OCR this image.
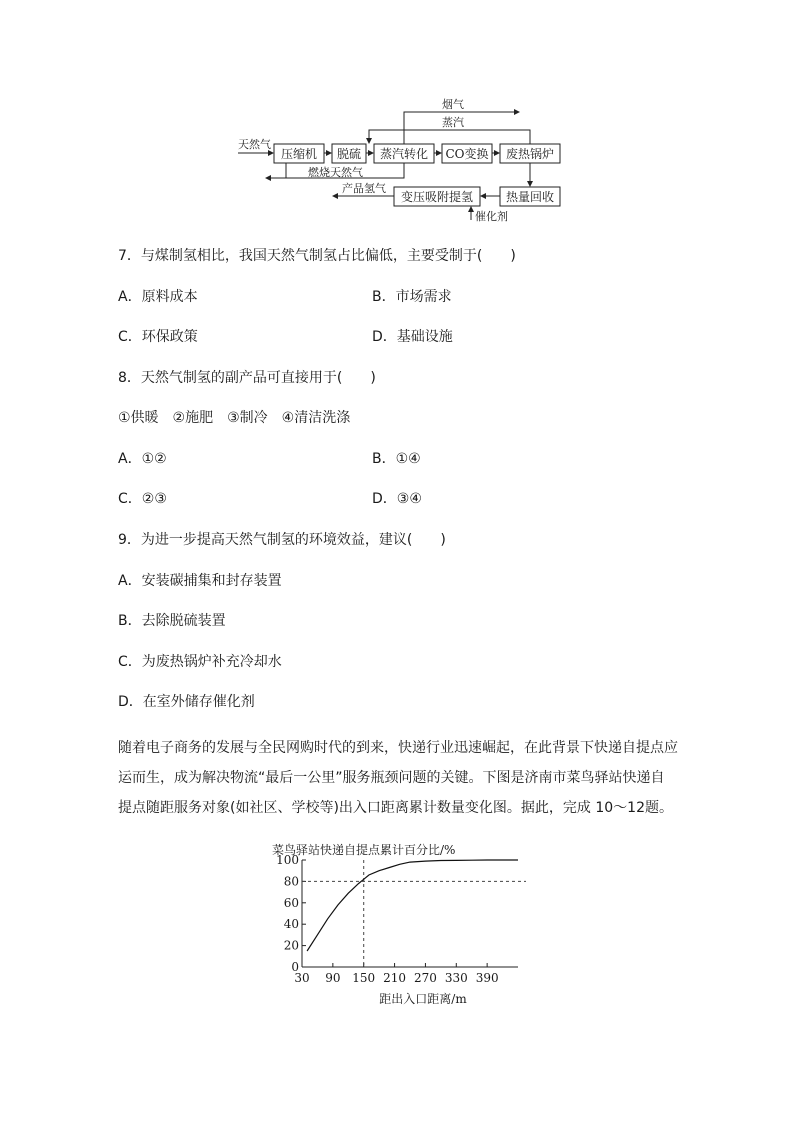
压缩机 脱硫 蒸汽转化 CO变换 废热锅炉
变压吸附提氢	热量回收
天然气
烟气
蒸汽
燃烧天然气
产品氢气
催化剂
7．与煤制氢相比，我国天然气制氢占比偏低，主要受制于(　　)
A．原料成本	B．市场需求
C．环保政策	D．基础设施
8．天然气制氢的副产品可直接用于(　　)
①供暖　②施肥　③制冷　④清洁洗涤
A．①②	B．①④
C．②③	D．③④
9．为进一步提高天然气制氢的环境效益，建议(　　)
A．安装碳捕集和封存装置
B．去除脱硫装置
C．为废热锅炉补充冷却水
D．在室外储存催化剂
随着电子商务的发展与全民网购时代的到来，快递行业迅速崛起，在此背景下快递自提点应
运而生，成为解决物流“最后一公里”服务瓶颈问题的关键。下图是济南市菜鸟驿站快递自
提点随距服务对象(如社区、学校等)出入口距离累计数量变化图。据此，完成 10～12题。
菜鸟驿站快递自提点累计百分比/%
距出入口距离/m
0
20
40
60
80
100
30 90 150 210 270 330 390
